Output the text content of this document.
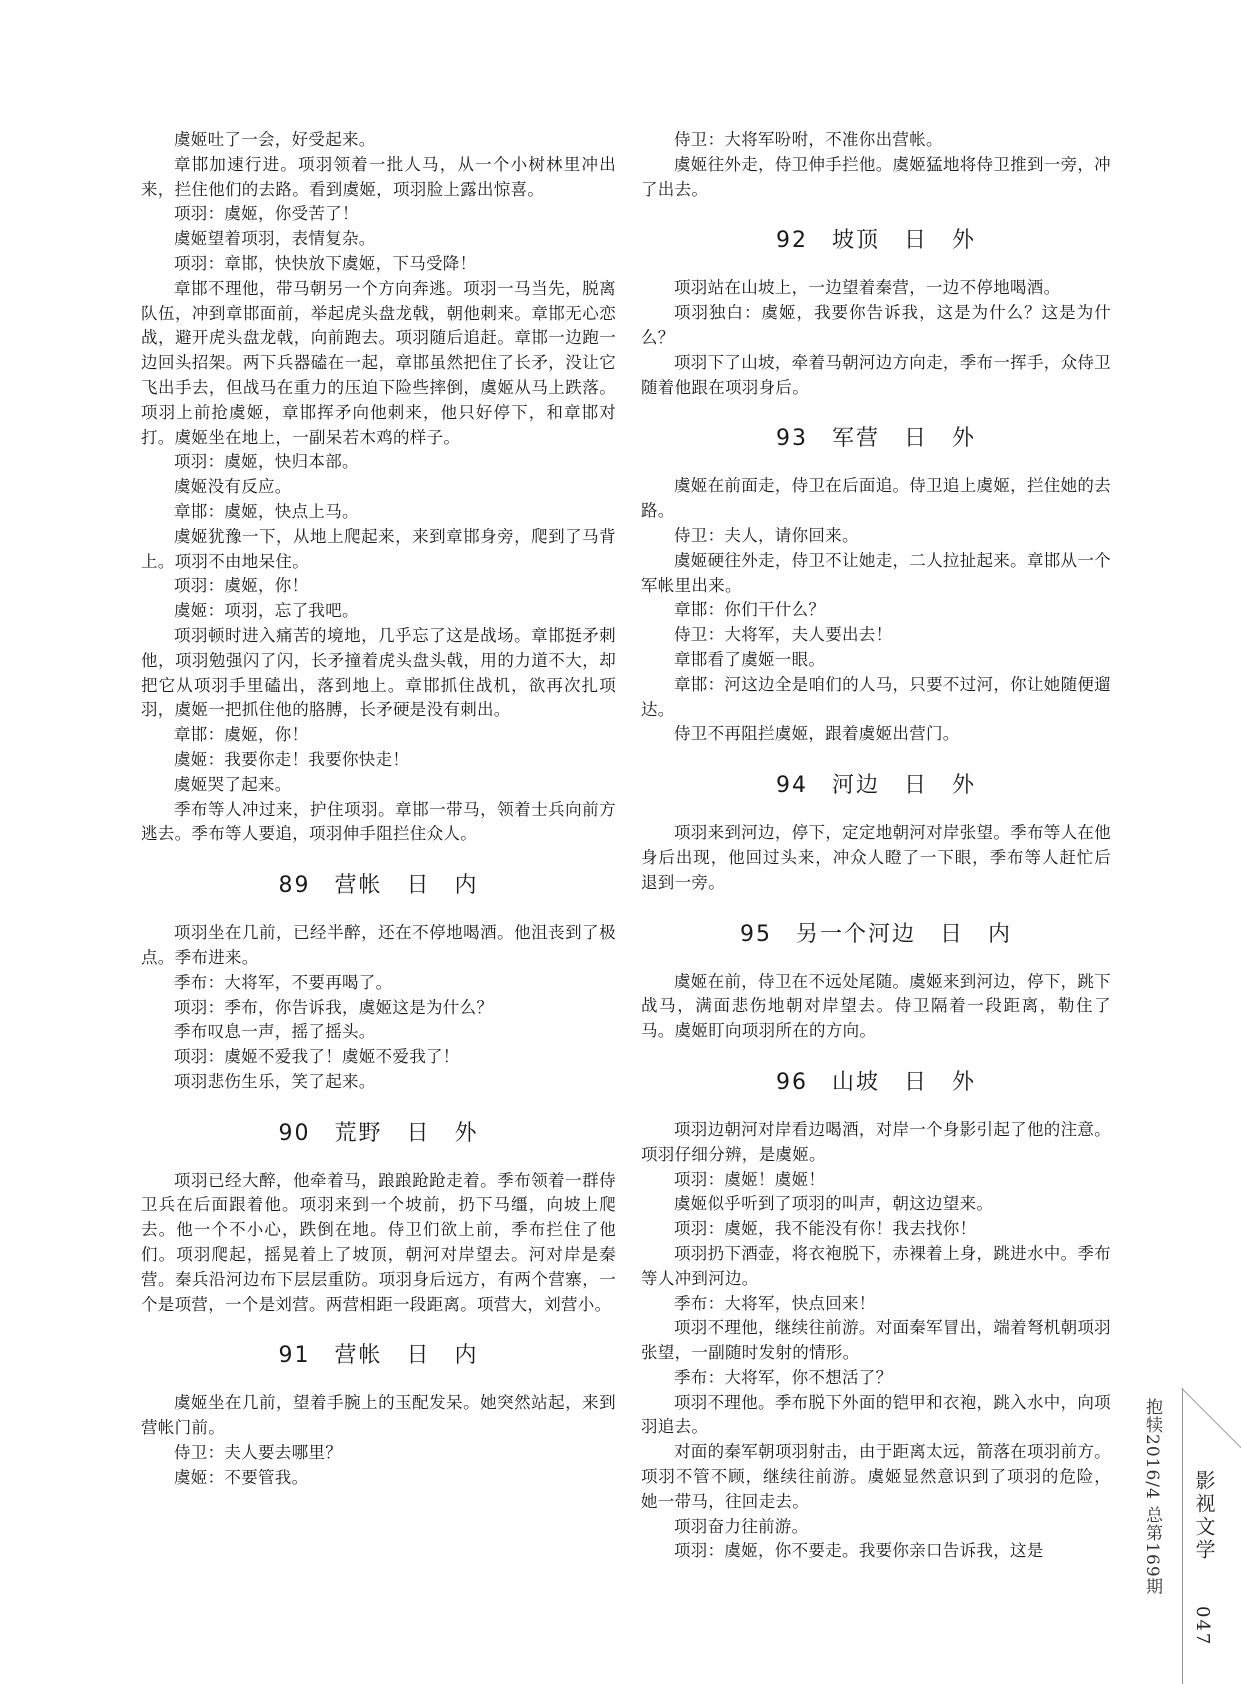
虞姬吐了一会，好受起来。

章邯加速行进。项羽领着一批人马，从一个小树林里冲出来，拦住他们的去路。看到虞姬，项羽脸上露出惊喜。

项羽：虞姬，你受苦了！

虞姬望着项羽，表情复杂。

项羽：章邯，快快放下虞姬，下马受降！

章邯不理他，带马朝另一个方向奔逃。项羽一马当先，脱离队伍，冲到章邯面前，举起虎头盘龙戟，朝他刺来。章邯无心恋战，避开虎头盘龙戟，向前跑去。项羽随后追赶。章邯一边跑一边回头招架。两下兵器磕在一起，章邯虽然把住了长矛，没让它飞出手去，但战马在重力的压迫下险些摔倒，虞姬从马上跌落。项羽上前抢虞姬，章邯挥矛向他刺来，他只好停下，和章邯对打。虞姬坐在地上，一副呆若木鸡的样子。

项羽：虞姬，快归本部。

虞姬没有反应。

章邯：虞姬，快点上马。

虞姬犹豫一下，从地上爬起来，来到章邯身旁，爬到了马背上。项羽不由地呆住。

项羽：虞姬，你！

虞姬：项羽，忘了我吧。

项羽顿时进入痛苦的境地，几乎忘了这是战场。章邯挺矛刺他，项羽勉强闪了闪，长矛撞着虎头盘头戟，用的力道不大，却把它从项羽手里磕出，落到地上。章邯抓住战机，欲再次扎项羽，虞姬一把抓住他的胳膊，长矛硬是没有刺出。

章邯：虞姬，你！

虞姬：我要你走！我要你快走！

虞姬哭了起来。

季布等人冲过来，护住项羽。章邯一带马，领着士兵向前方逃去。季布等人要追，项羽伸手阻拦住众人。

89 营帐 日 内

项羽坐在几前，已经半醉，还在不停地喝酒。他沮丧到了极点。季布进来。

季布：大将军，不要再喝了。

项羽：季布，你告诉我，虞姬这是为什么？

季布叹息一声，摇了摇头。

项羽：虞姬不爱我了！虞姬不爱我了！

项羽悲伤生乐，笑了起来。

90 荒野 日 外

项羽已经大醉，他牵着马，踉踉跄跄走着。季布领着一群侍卫兵在后面跟着他。项羽来到一个坡前，扔下马缰，向坡上爬去。他一个不小心，跌倒在地。侍卫们欲上前，季布拦住了他们。项羽爬起，摇晃着上了坡顶，朝河对岸望去。河对岸是秦营。秦兵沿河边布下层层重防。项羽身后远方，有两个营寨，一个是项营，一个是刘营。两营相距一段距离。项营大，刘营小。

91 营帐 日 内

虞姬坐在几前，望着手腕上的玉配发呆。她突然站起，来到营帐门前。

侍卫：夫人要去哪里？

虞姬：不要管我。

侍卫：大将军吩咐，不准你出营帐。

虞姬往外走，侍卫伸手拦他。虞姬猛地将侍卫推到一旁，冲了出去。

92 坡顶 日 外

项羽站在山坡上，一边望着秦营，一边不停地喝酒。

项羽独白：虞姬，我要你告诉我，这是为什么？这是为什么？

项羽下了山坡，牵着马朝河边方向走，季布一挥手，众侍卫随着他跟在项羽身后。

93 军营 日 外

虞姬在前面走，侍卫在后面追。侍卫追上虞姬，拦住她的去路。

侍卫：夫人，请你回来。

虞姬硬往外走，侍卫不让她走，二人拉扯起来。章邯从一个军帐里出来。

章邯：你们干什么？

侍卫：大将军，夫人要出去！

章邯看了虞姬一眼。

章邯：河这边全是咱们的人马，只要不过河，你让她随便遛达。

侍卫不再阻拦虞姬，跟着虞姬出营门。

94 河边 日 外

项羽来到河边，停下，定定地朝河对岸张望。季布等人在他身后出现，他回过头来，冲众人瞪了一下眼，季布等人赶忙后退到一旁。

95 另一个河边 日 内

虞姬在前，侍卫在不远处尾随。虞姬来到河边，停下，跳下战马，满面悲伤地朝对岸望去。侍卫隔着一段距离，勒住了马。虞姬盯向项羽所在的方向。

96 山坡 日 外

项羽边朝河对岸看边喝酒，对岸一个身影引起了他的注意。项羽仔细分辨，是虞姬。

项羽：虞姬！虞姬！

虞姬似乎听到了项羽的叫声，朝这边望来。

项羽：虞姬，我不能没有你！我去找你！

项羽扔下酒壶，将衣袍脱下，赤裸着上身，跳进水中。季布等人冲到河边。

季布：大将军，快点回来！

项羽不理他，继续往前游。对面秦军冒出，端着弩机朝项羽张望，一副随时发射的情形。

季布：大将军，你不想活了？

项羽不理他。季布脱下外面的铠甲和衣袍，跳入水中，向项羽追去。

对面的秦军朝项羽射击，由于距离太远，箭落在项羽前方。项羽不管不顾，继续往前游。虞姬显然意识到了项羽的危险，她一带马，往回走去。

项羽奋力往前游。

项羽：虞姬，你不要走。我要你亲口告诉我，这是	抱犊2016/4 总第169期 影视文学
047
